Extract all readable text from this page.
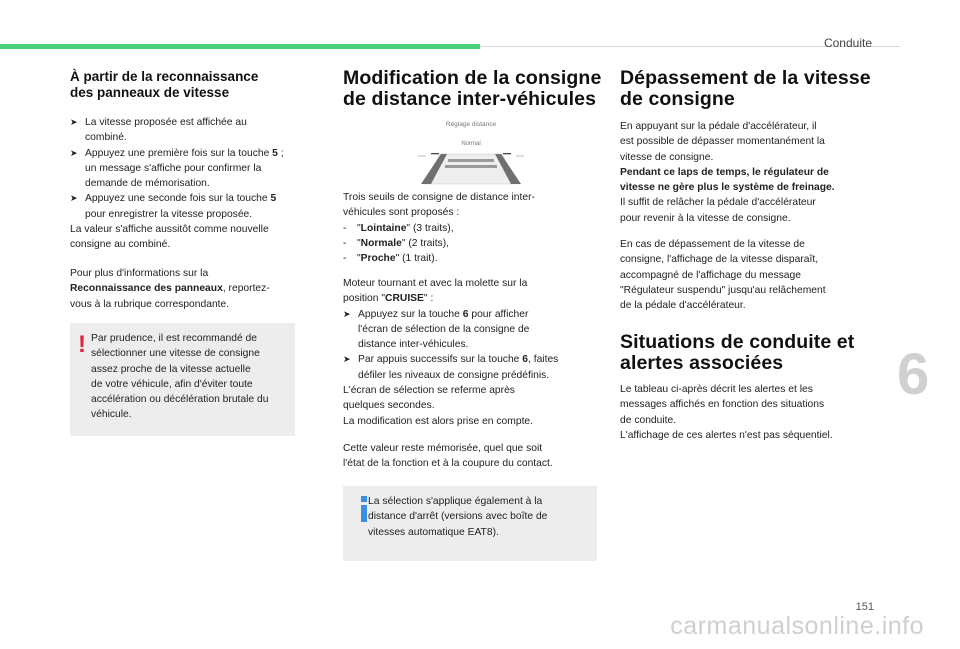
Conduite
À partir de la reconnaissance
des panneaux de vitesse
➤ La vitesse proposée est affichée au
combiné.
➤ Appuyez une première fois sur la touche 5 ;
un message s'affiche pour confirmer la
demande de mémorisation.
➤ Appuyez une seconde fois sur la touche 5
pour enregistrer la vitesse proposée.
La valeur s'affiche aussitôt comme nouvelle
consigne au combiné.
Pour plus d'informations sur la
Reconnaissance des panneaux, reportez-
vous à la rubrique correspondante.
! Par prudence, il est recommandé de
sélectionner une vitesse de consigne
assez proche de la vitesse actuelle
de votre véhicule, afin d'éviter toute
accélération ou décélération brutale du
véhicule.
Modification de la consigne
de distance inter-véhicules
Réglage distance
Normal
Trois seuils de consigne de distance inter-
véhicules sont proposés :
- "Lointaine" (3 traits),
- "Normale" (2 traits),
- "Proche" (1 trait).
Moteur tournant et avec la molette sur la
position "CRUISE" :
➤ Appuyez sur la touche 6 pour afficher
l'écran de sélection de la consigne de
distance inter-véhicules.
➤ Par appuis successifs sur la touche 6, faites
défiler les niveaux de consigne prédéfinis.
L'écran de sélection se referme après
quelques secondes.
La modification est alors prise en compte.
Cette valeur reste mémorisée, quel que soit
l'état de la fonction et à la coupure du contact.
La sélection s'applique également à la
distance d'arrêt (versions avec boîte de
vitesses automatique EAT8).
Dépassement de la vitesse
de consigne
En appuyant sur la pédale d'accélérateur, il
est possible de dépasser momentanément la
vitesse de consigne.
Pendant ce laps de temps, le régulateur de
vitesse ne gère plus le système de freinage.
Il suffit de relâcher la pédale d'accélérateur
pour revenir à la vitesse de consigne.
En cas de dépassement de la vitesse de
consigne, l'affichage de la vitesse disparaît,
accompagné de l'affichage du message
"Régulateur suspendu" jusqu'au relâchement
de la pédale d'accélérateur.
Situations de conduite et
alertes associées
Le tableau ci-après décrit les alertes et les
messages affichés en fonction des situations
de conduite.
L'affichage de ces alertes n'est pas séquentiel.
6
151
carmanualsonline.info
